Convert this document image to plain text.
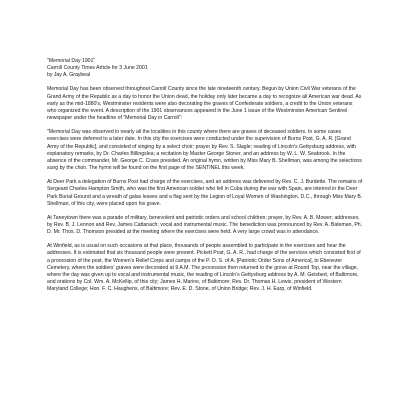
"Memorial Day 1901"

Carroll County Times Article for 3 June 2001

by Jay A. Graybeal

Memorial Day has been observed throughout Carroll County since the late nineteenth century. Begun by Union Civil War veterans of the Grand Army of the Republic as a day to honor the Union dead, the holiday only later became a day to recognize all American war dead. As early as the mid-1880's, Westminster residents were also decorating the graves of Confederate soldiers, a credit to the Union veterans who organized the event. A description of the 1901 observances appeared in the June 1 issue of the Westminster American Sentinel newspaper under the headline of "Memorial Day in Carroll":

"Memorial Day was observed in nearly all the localities in this county where there are graves of deceased soldiers. In some cases exercises were deferred to a later date. In this city the exercises were conducted under the supervision of Burns Post, G. A. R. [Grand Army of the Republic], and consisted of singing by a select choir; prayer by Rev. S. Slagle; reading of Lincoln's Gettysburg address, with explanatory remarks, by Dr. Charles Billingslea; a recitation by Master George Stoner, and an address by W. L. W. Seabrook. In the absence of the commander, Mr. George C. Crass presided. An original hymn, written by Miss Mary B. Shellman, was among the selections sung by the choir. The hymn will be found on the first page of the SENTINEL this week.

At Deer Park a delegation of Burns Post had charge of the exercises, and an address was delivered by Rev. C. J. Burdette. The remains of Sergeant Charles Hampton Smith, who was the first American soldier who fell in Cuba during the war with Spain, are interred in the Deer Park Burial Ground and a wreath of galax leaves and a flag sent by the Legion of Loyal Women of Washington, D.C., through Miss Mary B. Shellman, of this city, were placed upon his grave.

At Taneytown there was a parade of military, benevolent and patriotic orders and school children; prayer, by Rev. A. B. Mower; addresses, by Rev. B. J. Lennon and Rev. James Cattanach; vocal and instrumental music. The benediction was pronounced by Rev. A. Bateman, Ph. D. Mr. Thos. D. Thomson presided at the meeting where the exercises were held. A very large crowd was in attendance.

At Winfield, as is usual on such occasions at that place, thousands of people assembled to participate in the exercises and hear the addresses. It is estimated that six thousand people were present. Pickett Post, G. A. R., had charge of the services which consisted first of a procession of the post, the Women's Relief Corps and camps of the P. O. S. of A. [Patriotic Order Sons of America], to Ebenezer Cemetery, where the soldiers' graves were decorated at 9 A.M. The procession then returned to the grove at Round Top, near the village, where the day was given up to vocal and instrumental music, the reading of Lincoln's Gettysburg address by A. M. Geisbert, of Baltimore, and orations by Col. Wm. A. McKellip, of this city; James H. Marine, of Baltimore; Rev. Dr. Thomas H. Lewis, president of Western Maryland College; Hon. F. C. Haughens, of Baltimore; Rev. E. D. Stone, of Union Bridge; Rev. J. H. Earp, of Winfield.
